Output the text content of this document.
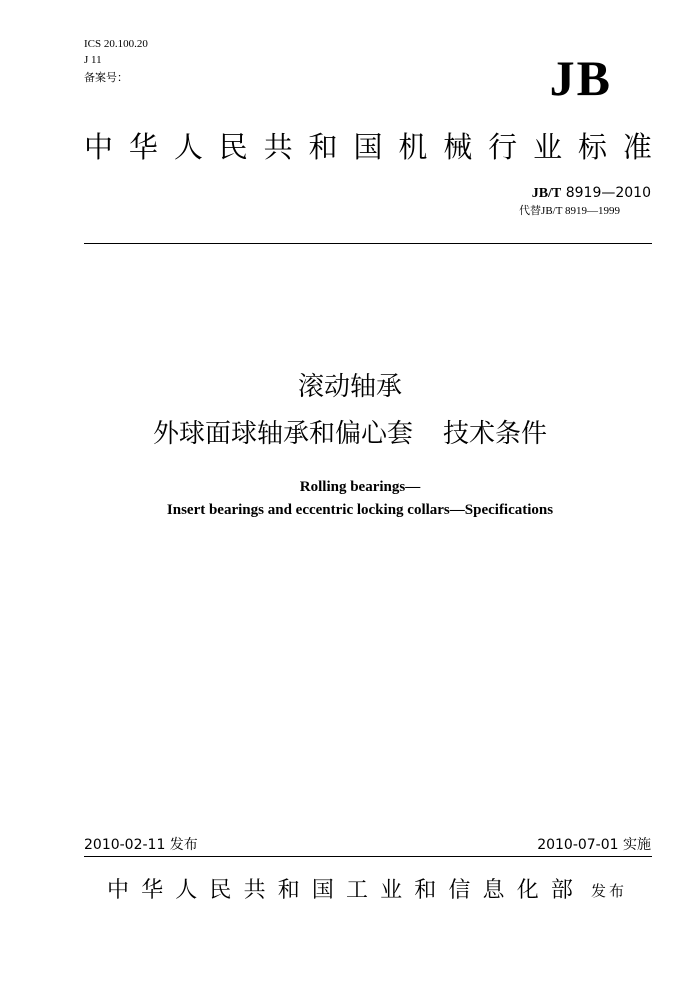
ICS 20.100.20
J 11
备案号：	JB
中 华 人 民 共 和 国 机 械 行 业 标 准
JB/T 8919—2010
代替JB/T 8919—1999
滚动轴承
外球面球轴承和偏心套 技术条件
Rolling bearings—
Insert bearings and eccentric locking collars—Specifications
2010-02-11 发布	2010-07-01 实施
中 华 人 民 共 和 国 工 业 和 信 息 化 部 发布
